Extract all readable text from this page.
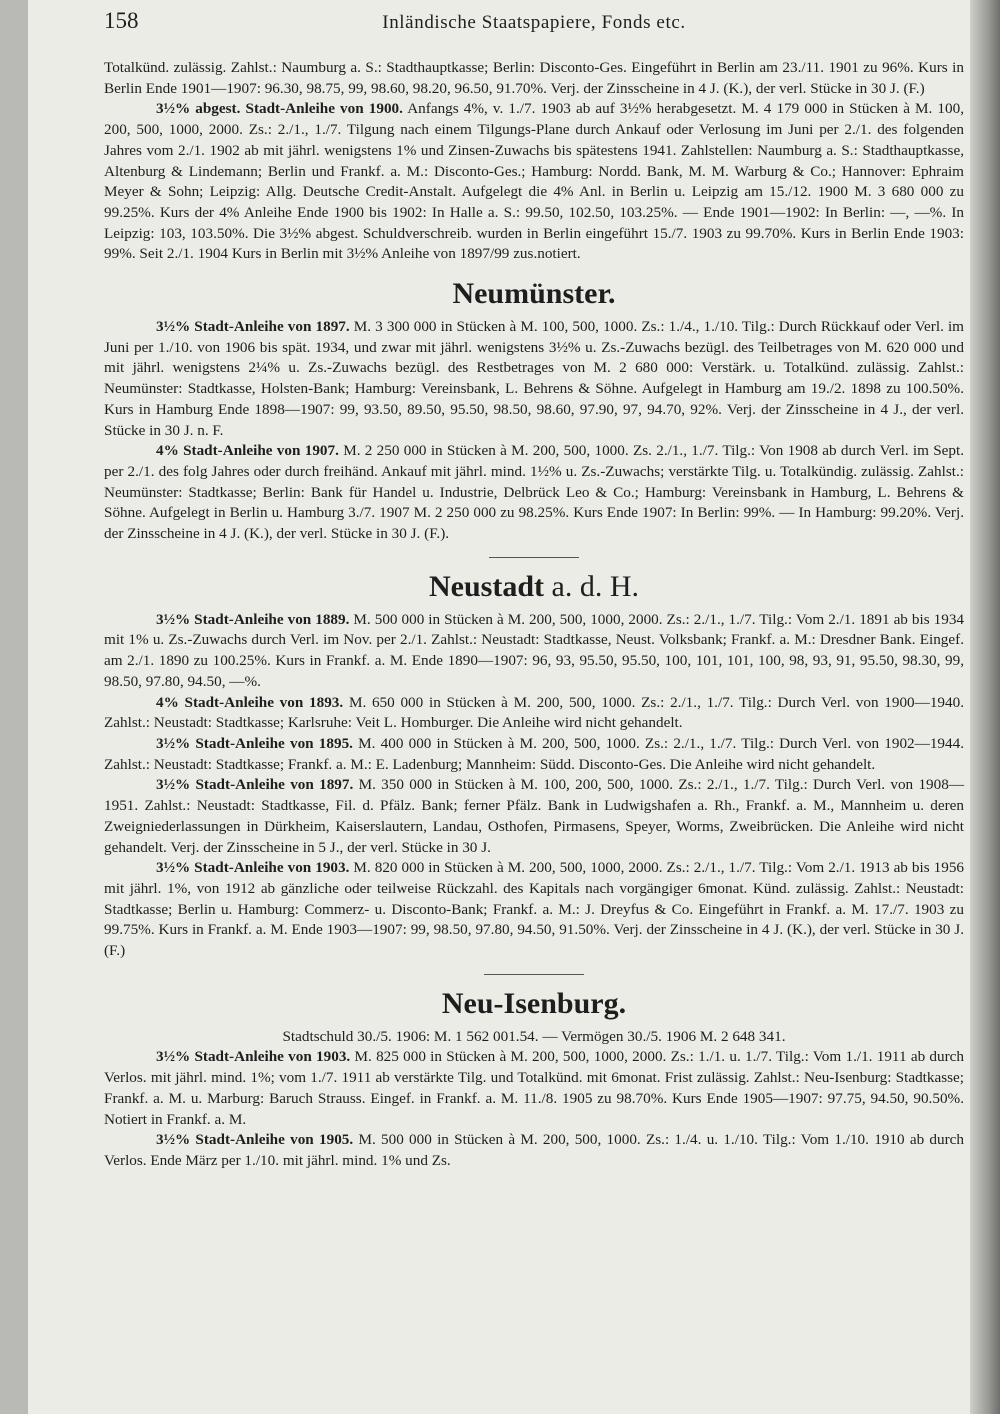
158	Inländische Staatspapiere, Fonds etc.

Totalkünd. zulässig. Zahlst.: Naumburg a. S.: Stadthauptkasse; Berlin: Disconto-Ges. Eingeführt in Berlin am 23./11. 1901 zu 96%. Kurs in Berlin Ende 1901—1907: 96.30, 98.75, 99, 98.60, 98.20, 96.50, 91.70%. Verj. der Zinsscheine in 4 J. (K.), der verl. Stücke in 30 J. (F.)

3½% abgest. Stadt-Anleihe von 1900. Anfangs 4%, v. 1./7. 1903 ab auf 3½% herabgesetzt. M. 4 179 000 in Stücken à M. 100, 200, 500, 1000, 2000. Zs.: 2./1., 1./7. Tilgung nach einem Tilgungs-Plane durch Ankauf oder Verlosung im Juni per 2./1. des folgenden Jahres vom 2./1. 1902 ab mit jährl. wenigstens 1% und Zinsen-Zuwachs bis spätestens 1941. Zahlstellen: Naumburg a. S.: Stadthauptkasse, Altenburg & Lindemann; Berlin und Frankf. a. M.: Disconto-Ges.; Hamburg: Nordd. Bank, M. M. Warburg & Co.; Hannover: Ephraim Meyer & Sohn; Leipzig: Allg. Deutsche Credit-Anstalt. Aufgelegt die 4% Anl. in Berlin u. Leipzig am 15./12. 1900 M. 3 680 000 zu 99.25%. Kurs der 4% Anleihe Ende 1900 bis 1902: In Halle a. S.: 99.50, 102.50, 103.25%. — Ende 1901—1902: In Berlin: —, —%. In Leipzig: 103, 103.50%. Die 3½% abgest. Schuldverschreib. wurden in Berlin eingeführt 15./7. 1903 zu 99.70%. Kurs in Berlin Ende 1903: 99%. Seit 2./1. 1904 Kurs in Berlin mit 3½% Anleihe von 1897/99 zus.notiert.

Neumünster.

3½% Stadt-Anleihe von 1897. M. 3 300 000 in Stücken à M. 100, 500, 1000. Zs.: 1./4., 1./10. Tilg.: Durch Rückkauf oder Verl. im Juni per 1./10. von 1906 bis spät. 1934, und zwar mit jährl. wenigstens 3½% u. Zs.-Zuwachs bezügl. des Teilbetrages von M. 620 000 und mit jährl. wenigstens 2¼% u. Zs.-Zuwachs bezügl. des Restbetrages von M. 2 680 000: Verstärk. u. Totalkünd. zulässig. Zahlst.: Neumünster: Stadtkasse, Holsten-Bank; Hamburg: Vereinsbank, L. Behrens & Söhne. Aufgelegt in Hamburg am 19./2. 1898 zu 100.50%. Kurs in Hamburg Ende 1898—1907: 99, 93.50, 89.50, 95.50, 98.50, 98.60, 97.90, 97, 94.70, 92%. Verj. der Zinsscheine in 4 J., der verl. Stücke in 30 J. n. F.

4% Stadt-Anleihe von 1907. M. 2 250 000 in Stücken à M. 200, 500, 1000. Zs. 2./1., 1./7. Tilg.: Von 1908 ab durch Verl. im Sept. per 2./1. des folg Jahres oder durch freihänd. Ankauf mit jährl. mind. 1½% u. Zs.-Zuwachs; verstärkte Tilg. u. Totalkündig. zulässig. Zahlst.: Neumünster: Stadtkasse; Berlin: Bank für Handel u. Industrie, Delbrück Leo & Co.; Hamburg: Vereinsbank in Hamburg, L. Behrens & Söhne. Aufgelegt in Berlin u. Hamburg 3./7. 1907 M. 2 250 000 zu 98.25%. Kurs Ende 1907: In Berlin: 99%. — In Hamburg: 99.20%. Verj. der Zinsscheine in 4 J. (K.), der verl. Stücke in 30 J. (F.).

Neustadt a. d. H.

3½% Stadt-Anleihe von 1889. M. 500 000 in Stücken à M. 200, 500, 1000, 2000. Zs.: 2./1., 1./7. Tilg.: Vom 2./1. 1891 ab bis 1934 mit 1% u. Zs.-Zuwachs durch Verl. im Nov. per 2./1. Zahlst.: Neustadt: Stadtkasse, Neust. Volksbank; Frankf. a. M.: Dresdner Bank. Eingef. am 2./1. 1890 zu 100.25%. Kurs in Frankf. a. M. Ende 1890—1907: 96, 93, 95.50, 95.50, 100, 101, 101, 100, 98, 93, 91, 95.50, 98.30, 99, 98.50, 97.80, 94.50, —%.

4% Stadt-Anleihe von 1893. M. 650 000 in Stücken à M. 200, 500, 1000. Zs.: 2./1., 1./7. Tilg.: Durch Verl. von 1900—1940. Zahlst.: Neustadt: Stadtkasse; Karlsruhe: Veit L. Homburger. Die Anleihe wird nicht gehandelt.

3½% Stadt-Anleihe von 1895. M. 400 000 in Stücken à M. 200, 500, 1000. Zs.: 2./1., 1./7. Tilg.: Durch Verl. von 1902—1944. Zahlst.: Neustadt: Stadtkasse; Frankf. a. M.: E. Ladenburg; Mannheim: Südd. Disconto-Ges. Die Anleihe wird nicht gehandelt.

3½% Stadt-Anleihe von 1897. M. 350 000 in Stücken à M. 100, 200, 500, 1000. Zs.: 2./1., 1./7. Tilg.: Durch Verl. von 1908—1951. Zahlst.: Neustadt: Stadtkasse, Fil. d. Pfälz. Bank; ferner Pfälz. Bank in Ludwigshafen a. Rh., Frankf. a. M., Mannheim u. deren Zweigniederlassungen in Dürkheim, Kaiserslautern, Landau, Osthofen, Pirmasens, Speyer, Worms, Zweibrücken. Die Anleihe wird nicht gehandelt. Verj. der Zinsscheine in 5 J., der verl. Stücke in 30 J.

3½% Stadt-Anleihe von 1903. M. 820 000 in Stücken à M. 200, 500, 1000, 2000. Zs.: 2./1., 1./7. Tilg.: Vom 2./1. 1913 ab bis 1956 mit jährl. 1%, von 1912 ab gänzliche oder teilweise Rückzahl. des Kapitals nach vorgängiger 6monat. Künd. zulässig. Zahlst.: Neustadt: Stadtkasse; Berlin u. Hamburg: Commerz- u. Disconto-Bank; Frankf. a. M.: J. Dreyfus & Co. Eingeführt in Frankf. a. M. 17./7. 1903 zu 99.75%. Kurs in Frankf. a. M. Ende 1903—1907: 99, 98.50, 97.80, 94.50, 91.50%. Verj. der Zinsscheine in 4 J. (K.), der verl. Stücke in 30 J. (F.)

Neu-Isenburg.

Stadtschuld 30./5. 1906: M. 1 562 001.54. — Vermögen 30./5. 1906 M. 2 648 341.

3½% Stadt-Anleihe von 1903. M. 825 000 in Stücken à M. 200, 500, 1000, 2000. Zs.: 1./1. u. 1./7. Tilg.: Vom 1./1. 1911 ab durch Verlos. mit jährl. mind. 1%; vom 1./7. 1911 ab verstärkte Tilg. und Totalkünd. mit 6monat. Frist zulässig. Zahlst.: Neu-Isenburg: Stadtkasse; Frankf. a. M. u. Marburg: Baruch Strauss. Eingef. in Frankf. a. M. 11./8. 1905 zu 98.70%. Kurs Ende 1905—1907: 97.75, 94.50, 90.50%. Notiert in Frankf. a. M.

3½% Stadt-Anleihe von 1905. M. 500 000 in Stücken à M. 200, 500, 1000. Zs.: 1./4. u. 1./10. Tilg.: Vom 1./10. 1910 ab durch Verlos. Ende März per 1./10. mit jährl. mind. 1% und Zs.
